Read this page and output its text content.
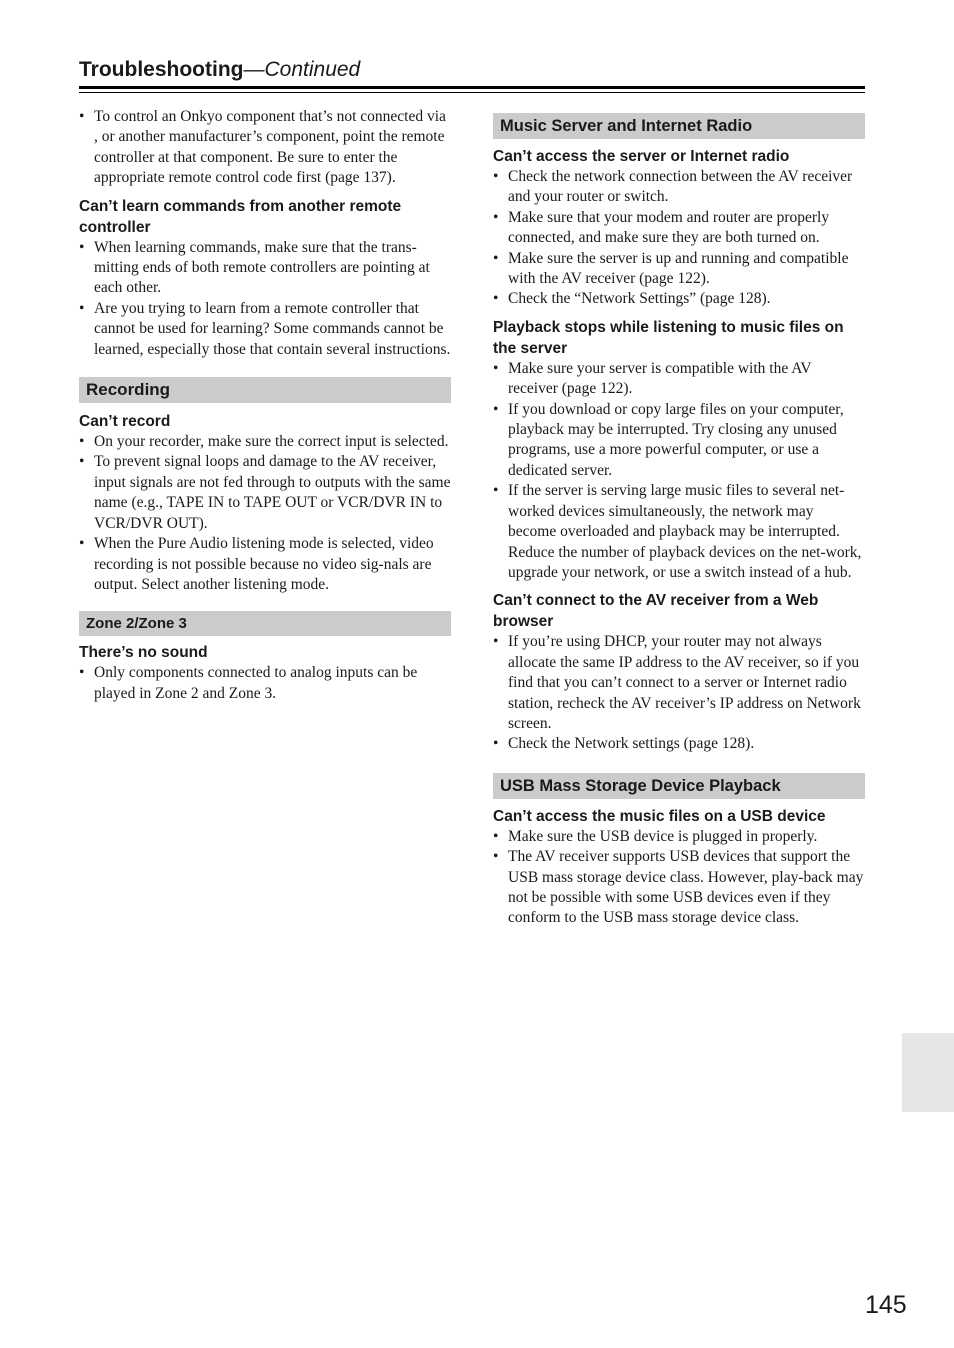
Troubleshooting—Continued
• To control an Onkyo component that’s not connected via , or another manufacturer’s component, point the remote controller at that component. Be sure to enter the appropriate remote control code first (page 137).

Can’t learn commands from another remote controller

• When learning commands, make sure that the trans-mitting ends of both remote controllers are pointing at each other.
• Are you trying to learn from a remote controller that cannot be used for learning? Some commands cannot be learned, especially those that contain several instructions.
Recording

Can’t record

• On your recorder, make sure the correct input is selected.
• To prevent signal loops and damage to the AV receiver, input signals are not fed through to outputs with the same name (e.g., TAPE IN to TAPE OUT or VCR/DVR IN to VCR/DVR OUT).
• When the Pure Audio listening mode is selected, video recording is not possible because no video sig-nals are output. Select another listening mode.
Zone 2/Zone 3

There’s no sound

• Only components connected to analog inputs can be played in Zone 2 and Zone 3.
Music Server and Internet Radio

Can’t access the server or Internet radio

• Check the network connection between the AV receiver and your router or switch.
• Make sure that your modem and router are properly connected, and make sure they are both turned on.
• Make sure the server is up and running and compatible with the AV receiver (page 122).
• Check the “Network Settings” (page 128).

Playback stops while listening to music files on the server

• Make sure your server is compatible with the AV receiver (page 122).
• If you download or copy large files on your computer, playback may be interrupted. Try closing any unused programs, use a more powerful computer, or use a dedicated server.
• If the server is serving large music files to several net-worked devices simultaneously, the network may become overloaded and playback may be interrupted. Reduce the number of playback devices on the net-work, upgrade your network, or use a switch instead of a hub.

Can’t connect to the AV receiver from a Web browser

• If you’re using DHCP, your router may not always allocate the same IP address to the AV receiver, so if you find that you can’t connect to a server or Internet radio station, recheck the AV receiver’s IP address on Network screen.
• Check the Network settings (page 128).
USB Mass Storage Device Playback

Can’t access the music files on a USB device

• Make sure the USB device is plugged in properly.
• The AV receiver supports USB devices that support the USB mass storage device class. However, play-back may not be possible with some USB devices even if they conform to the USB mass storage device class.
145
